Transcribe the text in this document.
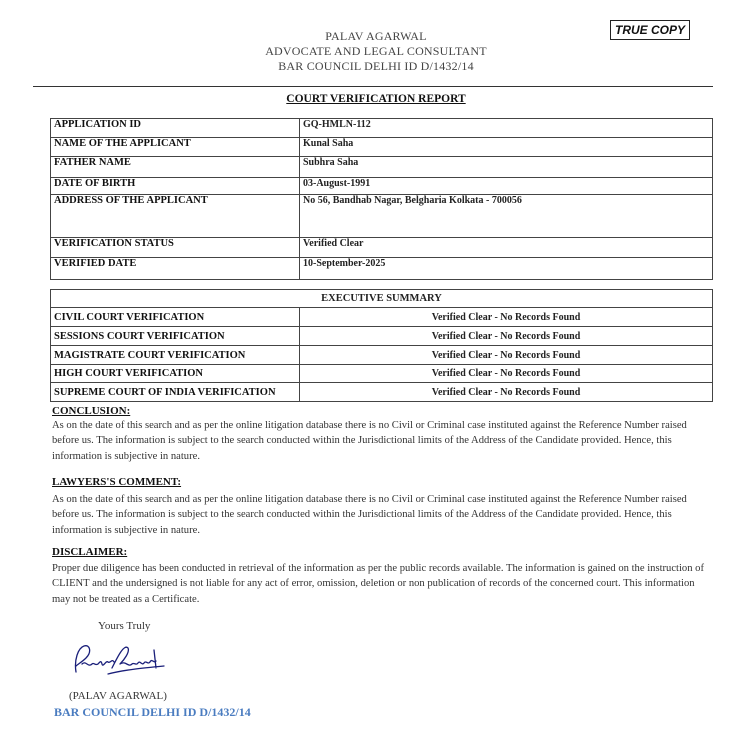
PALAV AGARWAL
ADVOCATE AND LEGAL CONSULTANT
BAR COUNCIL DELHI ID D/1432/14
TRUE COPY
COURT VERIFICATION REPORT
APPLICATION ID	GQ-HMLN-112
NAME OF THE APPLICANT	Kunal Saha
FATHER NAME	Subhra Saha
DATE OF BIRTH	03-August-1991
ADDRESS OF THE APPLICANT	No 56, Bandhab Nagar, Belgharia Kolkata - 700056
VERIFICATION STATUS	Verified Clear
VERIFIED DATE	10-September-2025
EXECUTIVE SUMMARY	
CIVIL COURT VERIFICATION	Verified Clear - No Records Found
SESSIONS COURT VERIFICATION	Verified Clear - No Records Found
MAGISTRATE COURT VERIFICATION	Verified Clear - No Records Found
HIGH COURT VERIFICATION	Verified Clear - No Records Found
SUPREME COURT OF INDIA VERIFICATION	Verified Clear - No Records Found
CONCLUSION:
As on the date of this search and as per the online litigation database there is no Civil or Criminal case instituted against the Reference Number raised before us. The information is subject to the search conducted within the Jurisdictional limits of the Address of the Candidate provided. Hence, this information is subjective in nature.
LAWYERS'S COMMENT:
As on the date of this search and as per the online litigation database there is no Civil or Criminal case instituted against the Reference Number raised before us. The information is subject to the search conducted within the Jurisdictional limits of the Address of the Candidate provided. Hence, this information is subjective in nature.
DISCLAIMER:
Proper due diligence has been conducted in retrieval of the information as per the public records available. The information is gained on the instruction of CLIENT and the undersigned is not liable for any act of error, omission, deletion or non publication of records of the concerned court. This information may not be treated as a Certificate.
Yours Truly
(PALAV AGARWAL)
BAR COUNCIL DELHI ID D/1432/14
